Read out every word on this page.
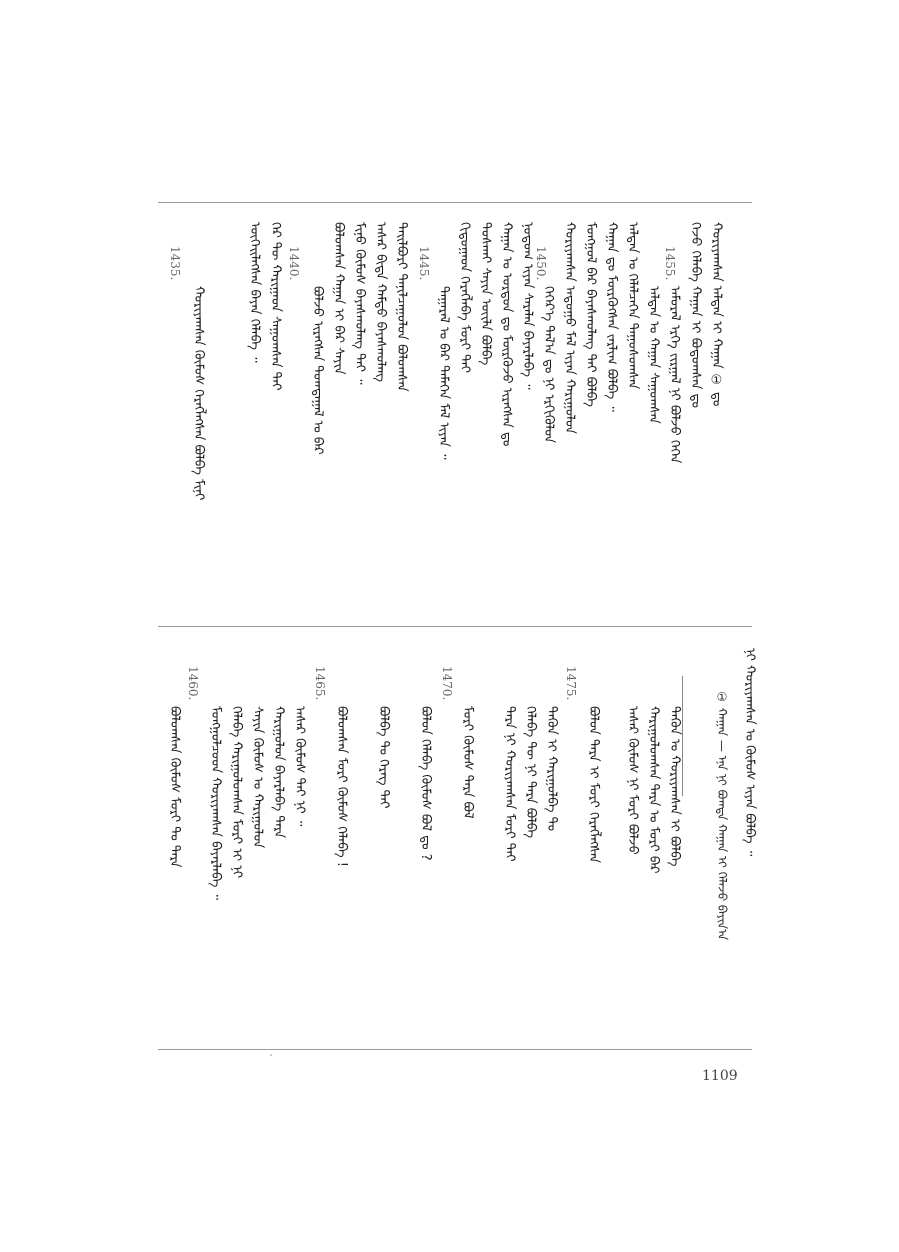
1455.
1450.
1445.
1440.
1435.	ᠬᠤᠷᠢᠶᠠᠭᠰᠠᠨ ᠠᠯᠲᠠᠨ ᠢ ᠬᠠᠭᠠᠨ ① ᠳᠤ
ᠭᠡᠵᠦ ᠬᠡᠯᠡᠪᠡ ᠬᠠᠭᠠᠨ ᠢ ᠪᠣᠳᠣᠭᠰᠠᠨ ᠳᠤ
ᠠᠮᠤᠷᠠᠯ ᠡᠷᠬᠡ ᠵᠢᠷᠭᠠᠯ ᠨᠢ ᠪᠣᠯᠵᠤ ᠭᠡᠭᠡᠨ
ᠠᠯᠲᠠᠨ ᠤ ᠬᠠᠭᠠᠨ ᠰᠠᠭᠤᠭᠰᠠᠨ
ᠠᠯᠲᠠᠨ ᠤ ᠬᠡᠯᠡᠯᠴᠡᠭᠡᠨ ᠳᠠᠭᠤᠰᠤᠭᠰᠠᠨ
ᠬᠠᠭᠠᠨ ᠳᠤ ᠮᠦᠷᠭᠦᠭᠰᠡᠨ ᠵᠠᠷᠯᠢᠭ ᠪᠣᠯᠪᠠ ᠃
ᠮᠣᠩᠭᠣᠯ ᠪᠠᠷ ᠪᠠᠶᠠᠰᠬᠤᠯᠠᠩ ᠲᠠᠢ ᠪᠣᠯᠪᠠ
ᠬᠤᠷᠢᠶᠠᠭᠰᠠᠨ ᠠᠳᠤᠭᠤ ᠮᠠᠯ ᠢᠶᠠᠨ ᠬᠠᠷᠢᠭᠤᠯᠤᠨ
ᠬᠡᠭᠡᠷ᠎ᠡ ᠲᠠᠯ᠎ᠠ ᠳᠤ ᠨᠢ ᠡᠷᠭᠢᠭᠦᠯᠦᠨ
ᠨᠤᠲᠤᠭ ᠢᠶᠠᠨ ᠰᠠᠷᠠᠯᠠᠨ ᠪᠠᠶᠠᠷᠯᠠᠪᠠ ᠃
ᠬᠠᠭᠠᠨ ᠤ ᠣᠷᠳᠤᠨ ᠳᠤ ᠮᠥᠷᠭᠦᠵᠦ ᠢᠷᠡᠭᠰᠡᠨ ᠳᠤ
ᠲᠤᠰᠬᠠᠢ ᠰᠠᠶᠢᠨ ᠦᠢᠯᠡ ᠪᠣᠯᠪᠠ
ᠬᠢᠳᠤᠭᠠᠳ ᠬᠡᠷᠡᠭᠯᠡᠪᠡ ᠮᠣᠷᠢ ᠲᠠᠢ
ᠲᠠᠭᠠᠷᠠᠯ ᠤ ᠪᠠᠷ ᠲᠡᠮᠡᠭᠡᠨ ᠮᠠᠯ ᠢᠶᠠᠨ ᠃
ᠲᠠᠢᠯᠪᠤᠷᠢ ᠲᠠᠨᠢᠯᠴᠠᠭᠤᠯᠤᠨ ᠪᠣᠯᠤᠭᠰᠠᠨ
ᠠᠰᠠᠷ ᠪᠢᠳᠡ ᠬᠠᠮᠲᠤ ᠪᠠᠶᠠᠰᠬᠤᠯᠠᠩ
ᠮᠢᠨᠤ ᠬᠦᠮᠦᠰ ᠪᠠᠶᠠᠰᠬᠤᠯᠠᠩ ᠲᠠᠢ ᠃
ᠪᠣᠯᠤᠭᠰᠠᠨ ᠬᠠᠭᠠᠨ ᠢ ᠪᠠᠷ ᠰᠠᠶᠢᠨ
ᠪᠣᠯᠵᠤ ᠢᠷᠡᠭᠰᠡᠨ ᠲᠣᠭᠲᠠᠭᠠᠯ ᠤ ᠪᠠᠷ
ᠭᠡᠷ ᠲᠦ ᠬᠠᠷᠢᠭᠠᠳ ᠰᠠᠭᠤᠭᠰᠠᠨ ᠲᠠᠢ
ᠦᠭᠡᠢᠯᠡᠭᠰᠡᠨ ᠪᠠᠶᠠᠨ ᠬᠡᠯᠡᠪᠡ ᠃
ᠬᠤᠷᠢᠶᠠᠭᠰᠠᠨ ᠬᠦᠮᠦᠰ ᠬᠡᠷᠡᠭᠯᠡᠭᠰᠡᠨ ᠪᠣᠯᠪᠠ ᠮᠢᠨᠢ
① ᠬᠠᠭᠠᠨ — ᠡᠨᠡ ᠨᠢ ᠪᠣᠭᠳᠠ ᠬᠠᠭᠠᠨ ᠢ ᠬᠡᠯᠡᠵᠦ ᠪᠠᠶᠢᠨ᠎ᠠ
1475.
1470.
1465.
1460.	ᠨᠢ ᠬᠤᠷᠢᠶᠠᠭᠰᠠᠨ ᠤ ᠬᠦᠮᠦᠰ ᠢᠶᠡᠨ ᠪᠣᠯᠪᠠ ᠃
ᠲᠡᠭᠦᠨ ᠤ ᠬᠤᠷᠢᠶᠠᠭᠰᠠᠨ ᠢ ᠪᠣᠯᠪᠠ
ᠬᠠᠷᠢᠭᠤᠯᠤᠭᠰᠠᠨ ᠲᠡᠷᠡ ᠤ ᠮᠣᠷᠢ ᠪᠠᠷ
ᠠᠰᠠᠷ ᠬᠦᠮᠦᠰ ᠨᠢ ᠮᠣᠷᠢ ᠪᠣᠯᠵᠤ
ᠪᠣᠯᠤᠨ ᠲᠡᠷᠡ ᠢ ᠮᠣᠷᠢ ᠬᠡᠷᠡᠭᠯᠡᠭᠰᠡᠨ
ᠲᠡᠭᠦᠨ ᠢ ᠬᠠᠷᠢᠭᠤᠯᠪᠠ ᠲᠤ
ᠬᠡᠯᠡᠪᠡ ᠲᠦ ᠨᠢ ᠲᠡᠷᠡ ᠪᠣᠯᠪᠠ
ᠲᠡᠷᠡ ᠨᠢ ᠬᠤᠷᠢᠶᠠᠭᠰᠠᠨ ᠮᠣᠷᠢ ᠲᠠᠢ
ᠮᠣᠷᠢ ᠬᠦᠮᠦᠰ ᠲᠡᠷᠡ ᠪᠣᠯ
ᠪᠣᠯᠤᠨ ᠬᠡᠯᠡᠪᠡ ᠬᠦᠮᠦᠰ ᠪᠣᠯ ᠳᠤ ?
ᠪᠣᠯᠪᠠ ᠲᠤ ᠬᠡᠷᠡᠭ ᠲᠠᠢ
ᠪᠣᠯᠤᠭᠰᠠᠨ ᠮᠣᠷᠢ ᠬᠦᠮᠦᠰ ᠬᠡᠯᠡᠪᠡ !
ᠠᠰᠠᠷ ᠬᠦᠮᠦᠰ ᠲᠠᠢ ᠨᠢ ᠃
ᠬᠠᠷᠢᠭᠤᠯᠤᠨ ᠪᠠᠶᠠᠷᠯᠠᠪᠠ ᠲᠡᠷᠡ
ᠰᠠᠶᠢᠨ ᠬᠦᠮᠦᠰ ᠤ ᠬᠠᠷᠢᠭᠤᠯᠤᠨ
ᠬᠡᠯᠡᠪᠡ ᠬᠠᠷᠢᠭᠤᠯᠤᠭᠰᠠᠨ ᠮᠣᠷᠢ ᠢ ᠨᠢ
ᠮᠣᠩᠭᠣᠯᠴᠤᠳ ᠬᠤᠷᠢᠶᠠᠭᠰᠠᠨ ᠪᠠᠶᠠᠷᠯᠠᠪᠠ ᠃
ᠪᠣᠯᠤᠭᠰᠠᠨ ᠬᠦᠮᠦᠰ ᠮᠣᠷᠢ ᠲᠤ ᠲᠡᠷᠡ
1109
